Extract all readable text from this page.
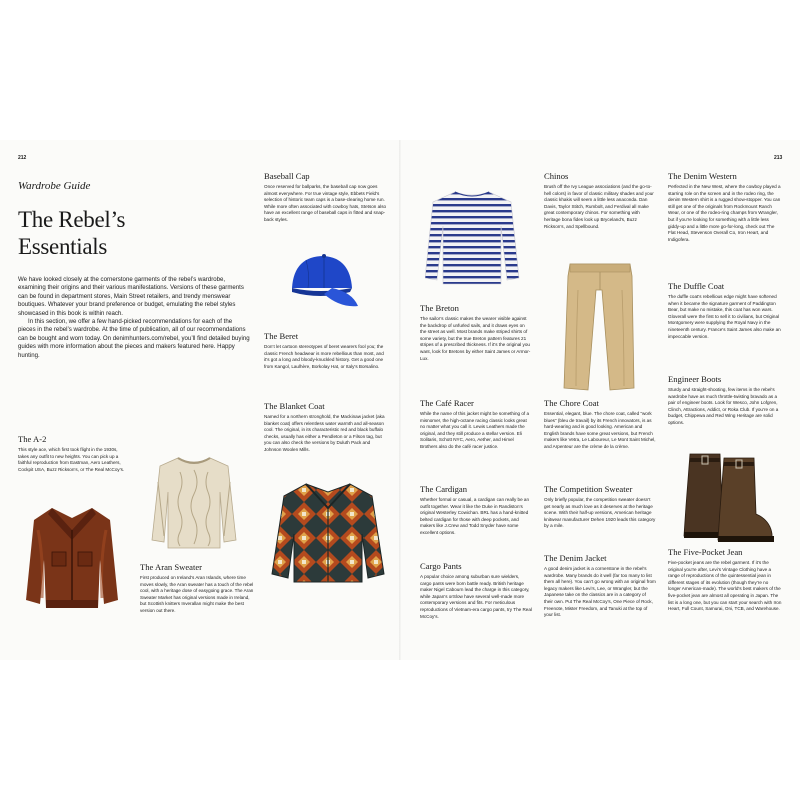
212	213
Wardrobe Guide
The Rebel’s
Essentials

We have looked closely at the cornerstone garments of the rebel’s wardrobe, examining their origins and their various manifestations. Versions of these garments can be found in department stores, Main Street retailers, and trendy menswear boutiques. Whatever your brand preference or budget, emulating the rebel styles showcased in this book is within reach.

In this section, we offer a few hand-picked recommendations for each of the pieces in the rebel’s wardrobe. At the time of publication, all of our recommendations can be bought and worn today. On denimhunters.com/rebel, you’ll find detailed buying guides with more information about the pieces and makers featured here. Happy hunting.

The A-2

This style ace, which first took flight in the 1930s, takes any outfit to new heights. You can pick up a faithful reproduction from Eastman, Aero Leathers, Cockpit USA, Buzz Rickson’s, or The Real McCoy’s.

The Aran Sweater

First produced on Ireland’s Aran Islands, where time moves slowly, the Aran sweater has a touch of the rebel cool, with a heritage dose of easygoing grace. The Aran Sweater Market has original versions made in Ireland, but Scottish knitters Inverallan might make the best version out there.

Baseball Cap

Once reserved for ballparks, the baseball cap now goes almost everywhere. For true vintage style, Ebbets Field’s selection of historic team caps is a base-clearing home run. While more often associated with cowboy hats, Stetson also have an excellent range of baseball caps in fitted and snap-back styles.

The Beret

Don’t let cartoon stereotypes of beret wearers fool you; the classic French headwear is more rebellious than most, and it’s got a long and bloody-knuckled history. Get a good one from Kangol, Laulhère, Borkolay Hat, or Italy’s Borsalino.

The Blanket Coat

Named for a northern stronghold, the Mackinaw jacket (aka blanket coat) offers relentless water warmth and all-season cool. The original, in its characteristic red and black buffalo checks, usually has either a Pendleton or a Filson tag, but you can also check the versions by Duluth Pack and Johnson Woolen Mills.

The Breton

The sailor’s classic makes the wearer visible against the backdrop of unfurled sails, and it draws eyes on the street as well. Most brands make striped shirts of some variety, but the true Breton pattern features 21 stripes of a prescribed thickness. If it’s the original you want, look for Bretons by either Saint James or Armor-Lux.

The Café Racer

While the name of this jacket might be something of a misnomer, the high-octane racing classic looks great no matter what you call it. Lewis Leathers made the original, and they still produce a stellar version. Eli Solitaris, Schott NYC, Aero, Aether, and Himel Brothers also do the café racer justice.

The Cardigan

Whether formal or casual, a cardigan can really be an outfit together. Wear it like the Duke in Randiston’s original Westerley Cowichan. BRL has a hand-knitted belted cardigan for those with deep pockets, and makers like J.Crew and Todd Snyder have some excellent options.

Cargo Pants

A popular choice among suburban sure wielders, cargo pants were born battle ready. British heritage maker Nigel Cabourn lead the charge in this category, while Japan’s orSlow have several well-made more contemporary versions and fits. For meticulous reproductions of Vietnam-era cargo pants, try The Real McCoy’s.

Chinos

Brush off the Ivy League associations (and the go-to-hell colors) in favor of classic military shades and your classic khakis will seem a little less anaconda. Dan Davis, Taylor Stitch, Rumbolt, and Ferdival all make great contemporary chinos. For something with heritage bona fides look up Bryceland’s, Buzz Rickson’s, and Spellbound.

The Chore Coat

Essential, elegant, blue. The chore coat, called “work blues” (bleu de travail) by its French innovators, is as hard-wearing and is good looking. American and English brands have some great versions, but French makers like Vetra, Le Laboureur, Le Mont Saint Michel, and Arpenteur are the crème de la crème.

The Competition Sweater

Only briefly popular, the competition sweater doesn’t get nearly as much love as it deserves at the heritage scene. With their half-up versions, American heritage knitwear manufacturer Dehen 1920 leads this category by a mile.

The Denim Jacket

A good denim jacket is a cornerstone in the rebel’s wardrobe. Many brands do it well (far too many to list them all here). You can’t go wrong with an original from legacy makers like Levi’s, Lee, or Wrangler, but the Japanese take on the classics are in a category of their own. Put The Real McCoy’s, One Piece of Rock, Freenote, Mister Freedom, and Tanuki at the top of your list.

The Denim Western

Perfected in the New West, where the cowboy played a starring role on the screen and in the rodeo ring, the denim Western shirt is a rugged show-stopper. You can still get one of the originals from Rockmount Ranch Wear, or one of the rodeo-ring champs from Wrangler, but if you’re looking for something with a little less giddy-up and a little more go-for-long, check out The Flat Head, Stevenson Overall Co, Iron Heart, and Indigofera.

The Duffle Coat

The duffle coat’s rebellious edge might have softened when it became the signature garment of Paddington Bear, but make no mistake, this coat has won wars. Gloverall were the first to sell it to civilians, but Original Montgomery were supplying the Royal Navy in the nineteenth century. France’s Saint James also make an impeccable version.

Engineer Boots

Sturdy and straight-shooting, few items in the rebel’s wardrobe have as much throttle-twisting bravado as a pair of engineer boots. Look for Wesco, John Lofgren, Clinch, Attractions, Addict, or Roka Club. If you’re on a budget, Chippewa and Red Wing Heritage are solid options.

The Five-Pocket Jean

Five-pocket jeans are the rebel garment. If it’s the original you’re after, Levi’s Vintage Clothing have a range of reproductions of the quintessential jean in different stages of its evolution (though they’re no longer American-made). The world’s best makers of the five-pocket jean are almost all operating in Japan. The list is a long one, but you can start your search with Iron Heart, Full Count, Samurai, Oni, TCB, and Warehouse.
